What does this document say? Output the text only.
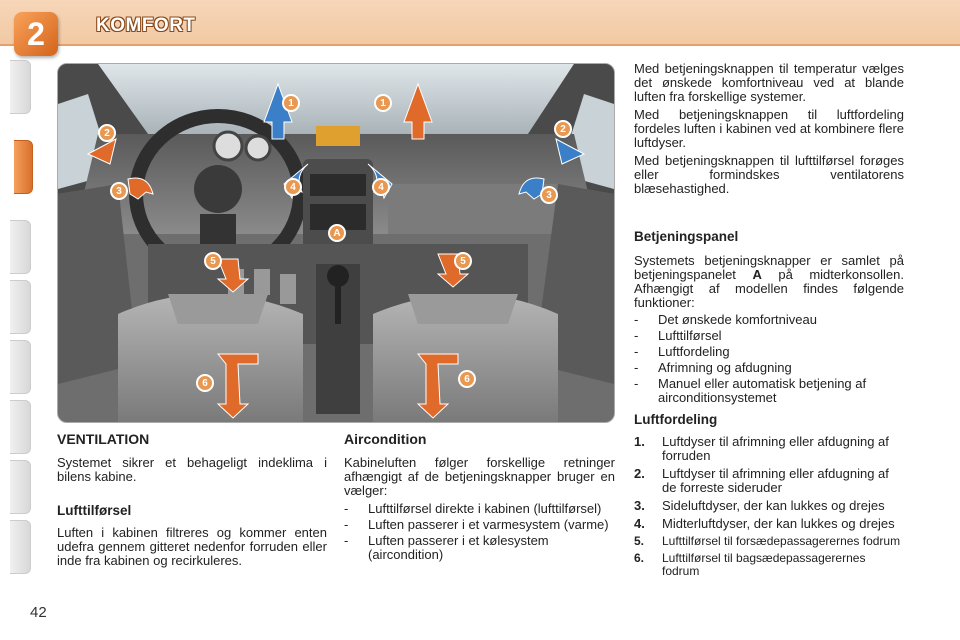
2	KOMFORT
1	1
2	2
3	3
4	4
5	5
6	6
A

VENTILATION

Systemet sikrer et behageligt indeklima i bilens kabine.

Lufttilførsel

Luften i kabinen filtreres og kommer enten udefra gennem gitteret nedenfor forruden eller inde fra kabinen og recirkuleres.

Aircondition

Kabineluften følger forskellige retninger afhængigt af de betjeningsknapper bruger en vælger:

- Lufttilførsel direkte i kabinen (lufttilførsel)
- Luften passerer i et varmesystem (varme)
- Luften passerer i et kølesystem (aircondition)

Med betjeningsknappen til temperatur vælges det ønskede komfortniveau ved at blande luften fra forskellige systemer.

Med betjeningsknappen til luftfordeling fordeles luften i kabinen ved at kombinere flere luftdyser.

Med betjeningsknappen til lufttilførsel forøges eller formindskes ventilatorens blæsehastighed.

Betjeningspanel

Systemets betjeningsknapper er samlet på betjeningspanelet A på midterkonsollen. Afhængigt af modellen findes følgende funktioner:

- Det ønskede komfortniveau
- Lufttilførsel
- Luftfordeling
- Afrimning og afdugning
- Manuel eller automatisk betjening af airconditionsystemet

Luftfordeling

1. Luftdyser til afrimning eller afdugning af forruden
2. Luftdyser til afrimning eller afdugning af de forreste sideruder
3. Sideluftdyser, der kan lukkes og drejes
4. Midterluftdyser, der kan lukkes og drejes
5. Lufttilførsel til forsædepassagerernes fodrum
6. Lufttilførsel til bagsædepassagerernes fodrum
42
